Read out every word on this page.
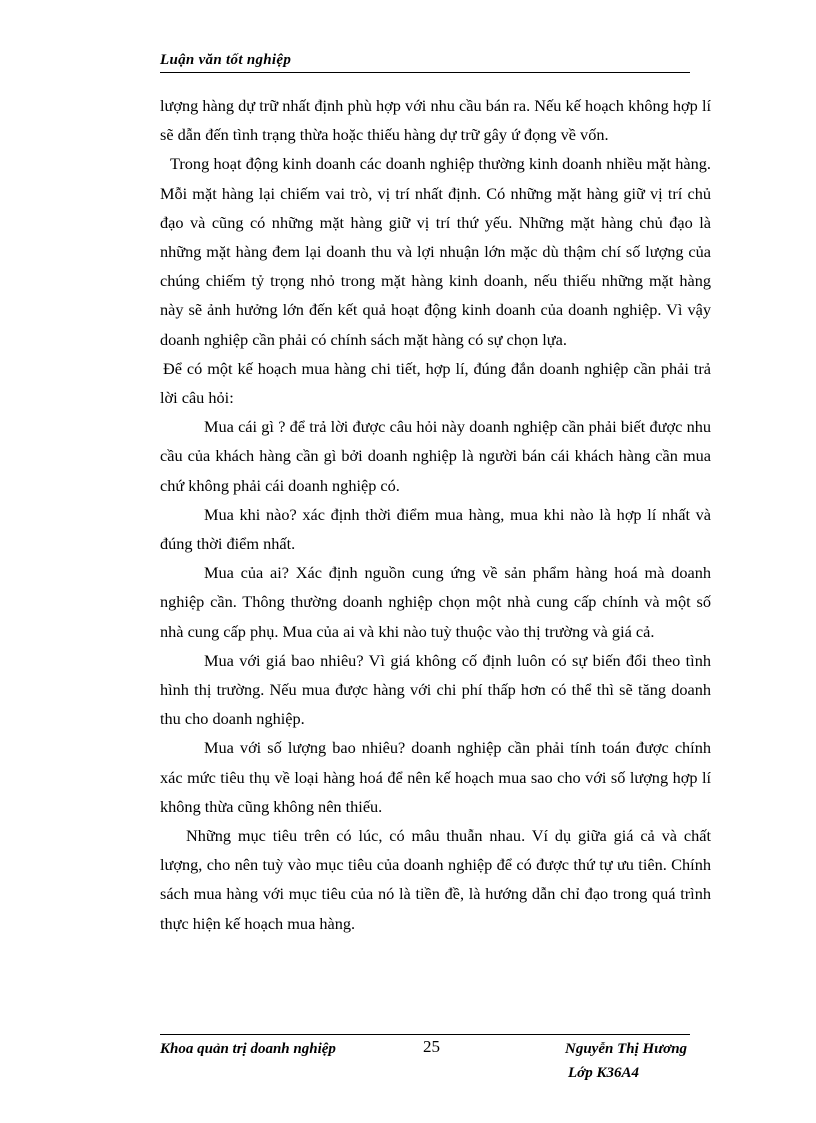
Luận văn tốt nghiệp

lượng hàng dự trữ nhất định phù hợp với nhu cầu bán ra. Nếu kế hoạch không hợp lí sẽ dẫn đến tình trạng thừa hoặc thiếu hàng dự trữ gây ứ đọng về vốn.

Trong hoạt động kinh doanh các doanh nghiệp thường kinh doanh nhiều mặt hàng. Mỗi mặt hàng lại chiếm vai trò, vị trí nhất định. Có những mặt hàng giữ vị trí chủ đạo và cũng có những mặt hàng giữ vị trí thứ yếu. Những mặt hàng chủ đạo là những mặt hàng đem lại doanh thu và lợi nhuận lớn mặc dù thậm chí số lượng của chúng chiếm tỷ trọng nhỏ trong mặt hàng kinh doanh, nếu thiếu những mặt hàng này sẽ ảnh hưởng lớn đến kết quả hoạt động kinh doanh của doanh nghiệp. Vì vậy doanh nghiệp cần phải có chính sách mặt hàng có sự chọn lựa.

Để có một kế hoạch mua hàng chi tiết, hợp lí, đúng đắn doanh nghiệp cần phải trả lời câu hỏi:

Mua cái gì ? để trả lời được câu hỏi này doanh nghiệp cần phải biết được nhu cầu của khách hàng cần gì bởi doanh nghiệp là người bán cái khách hàng cần mua chứ không phải cái doanh nghiệp có.

Mua khi nào? xác định thời điểm mua hàng, mua khi nào là hợp lí nhất và đúng thời điểm nhất.

Mua của ai? Xác định nguồn cung ứng về sản phẩm hàng hoá mà doanh nghiệp cần. Thông thường doanh nghiệp chọn một nhà cung cấp chính và một số nhà cung cấp phụ. Mua của ai và khi nào tuỳ thuộc vào thị trường và giá cả.

Mua với giá bao nhiêu? Vì giá không cố định luôn có sự biến đổi theo tình hình thị trường. Nếu mua được hàng với chi phí thấp hơn có thể thì sẽ tăng doanh thu cho doanh nghiệp.

Mua với số lượng bao nhiêu? doanh nghiệp cần phải tính toán được chính xác mức tiêu thụ về loại hàng hoá để nên kế hoạch mua sao cho với số lượng hợp lí không thừa cũng không nên thiếu.

Những mục tiêu trên có lúc, có mâu thuẫn nhau. Ví dụ giữa giá cả và chất lượng, cho nên tuỳ vào mục tiêu của doanh nghiệp để có được thứ tự ưu tiên. Chính sách mua hàng với mục tiêu của nó là tiền đề, là hướng dẫn chỉ đạo trong quá trình thực hiện kế hoạch mua hàng.

Khoa quản trị doanh nghiệp	25	Nguyễn Thị Hương
Lớp K36A4
